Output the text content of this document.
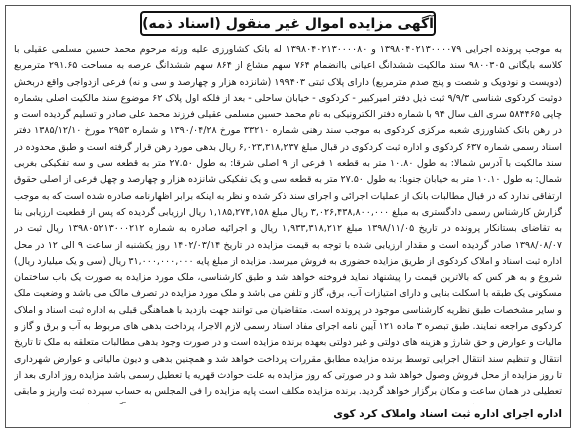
آگهی مزایده اموال غیر منقول (اسناد ذمه)
به موجب پرونده اجرایی ۱۳۹۸۰۴۰۲۱۳۰۰۰۰۷۹ و ۱۳۹۸۰۴۰۲۱۳۰۰۰۰۸۰ له بانک کشاورزی علیه ورثه مرحوم محمد حسین مسلمی عقیلی با کلاسه بایگانی ۹۸۰۰۳۰۵ سند مالکیت ششدانگ اعیانی باانضمام ۷۶۴ سهم مشاع از ۸۶۴ سهم ششدانگ عرصه به مساحت ۲۹۱.۶۵ مترمربع (دویست و نودویک و شصت و پنج صدم مترمربع) دارای پلاک ثبتی ۱۹۹۴۰۳ (شانزده هزار و چهارصد و سی و نه) فرعی ازدواجی واقع دربخش دوثبت کردکوی شناسی ۹/۹/۳ ثبت ذیل دفتر امیرکبیر - کردکوی - خیابان ساحلی - بعد از فلکه اول پلاک ۶۲ موضوع سند مالکیت اصلی بشماره چاپی ۵۸۴۴۶۵ سری الف سال ۹۴ با شماره دفتر الکترونیکی به نام محمد حسین مسلمی عقیلی فرزند محمد علی صادر و تسلیم گردیده است و در رهن بانک کشاورزی شعبه مرکزی کردکوی به موجب سند رهنی شماره ۳۳۲۱۰ مورخ ۱۳۹۰/۰۴/۲۸ و شماره ۲۹۵۳ مورخ ۱۳۸۵/۱۲/۱۰ دفتر اسناد رسمی شماره ۶۳۷ کردکوی و اداره ثبت کردکوی در قبال مبلغ ۶,۰۲۳,۳۱۸,۲۳۷ ریال بدهی مورد رهن قرار گرفته است و طبق محدوده در سند مالکیت با آدرس شمالا: به طول ۱۰.۸۰ متر به قطعه ۱ فرعی از ۹ اصلی شرقا: به طول ۲۷.۵۰ متر به قطعه سی و سه تفکیکی بغربی شمال: به طول ۱۰.۱۰ متر به خیابان جنوبا: به طول ۲۷.۵۰ متر به قطعه سی و یک تفکیکی شانزده هزار و چهارصد و چهل فرعی از اصلی حقوق ارتفاقی ندارد که در قبال مطالبات بانک از عملیات اجرائی و اجرای سند ذکر شده و نظر به اینکه برابر اظهارنامه صادره شده است که به موجب گزارش کارشناس رسمی دادگستری به مبلغ ۳,۰۲۶,۴۳۸,۸۰۰,۰۰۰ ریال مبلغ ۱,۱۸۵,۲۷۴,۱۵۸ ریال ارزیابی گردیده که پس از قطعیت ارزیابی بنا به تقاضای بستانکار پرونده در تاریخ ۱۳۹۸/۱۱/۰۵ مبلغ ۱,۹۳۳,۳۱۸,۲۱۲ ریال و اجرائیه صادره به شماره ۱۳۹۸۰۵۲۱۳۰۰۰۲۱۲ ریال ثبت در ۱۳۹۸/۰۸/۰۷ صادر گردیده است و مقدار ارزیابی شده با توجه به قیمت مزایده در تاریخ ۱۴۰۲/۰۳/۱۴ روز یکشنبه از ساعت ۹ الی ۱۲ در محل اداره ثبت اسناد و املاک کردکوی از طریق مزایده حضوری به فروش میرسد. مزایده از مبلغ پایه ۳۱,۰۰۰,۰۰۰,۰۰۰ ریال (سی و یک میلیارد ریال) شروع و به هر کس که بالاترین قیمت را پیشنهاد نماید فروخته خواهد شد و طبق کارشناسی، ملک مورد مزایده به صورت یک باب ساختمان مسکونی یک طبقه با اسکلت بنایی و دارای امتیازات آب، برق، گاز و تلفن می باشد و ملک مورد مزایده در تصرف مالک می باشد و وضعیت ملک و سایر مشخصات طبق نظریه کارشناسی موجود در پرونده است. متقاضیان می توانند جهت بازدید با هماهنگی قبلی به اداره ثبت اسناد و املاک کردکوی مراجعه نمایند. طبق تبصره ۳ ماده ۱۲۱ آیین نامه اجرای مفاد اسناد رسمی لازم الاجرا، پرداخت بدهی های مربوط به آب و برق و گاز و مالیات و عوارض و حق شارژ و هزینه های دولتی و غیر دولتی بعهده برنده مزایده است و در صورت وجود بدهی مطالبات متعلقه به ملک تا تاریخ انتقال و تنظیم سند انتقال اجرایی توسط برنده مزایده مطابق مقررات پرداخت خواهد شد و همچنین بدهی و دیون مالیاتی و عوارض شهرداری تا روز مزایده از محل فروش وصول خواهد شد و در صورتی که روز مزایده به علت حوادث قهریه یا تعطیل رسمی باشد مزایده روز اداری بعد از تعطیلی در همان ساعت و مکان برگزار خواهد گردید. برنده مزایده مکلف است پایه مزایده را فی المجلس به حساب سپرده ثبت واریز و مابقی
اداره اجرای اداره ثبت اسناد واملاک کرد کوی
